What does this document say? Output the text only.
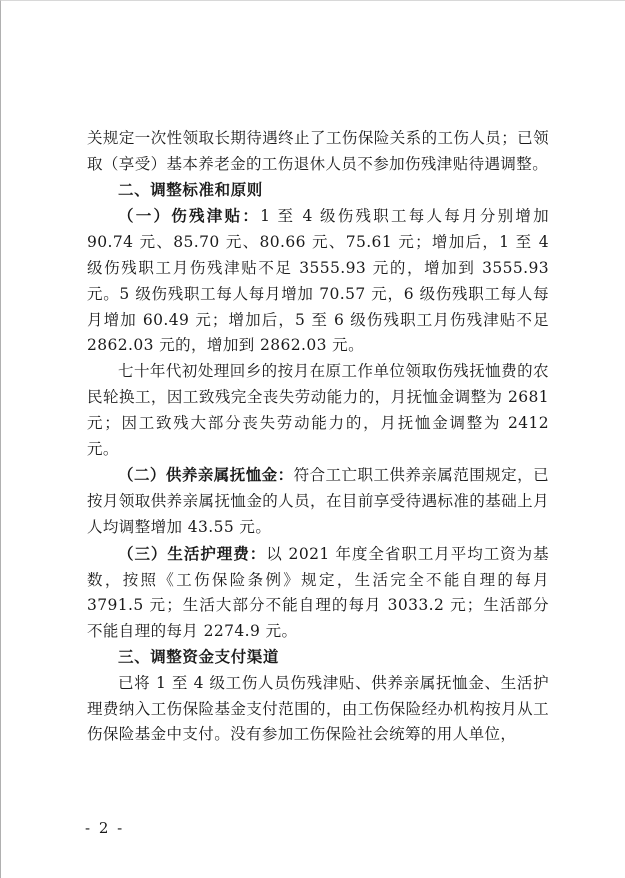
关规定一次性领取长期待遇终止了工伤保险关系的工伤人员；已领取（享受）基本养老金的工伤退休人员不参加伤残津贴待遇调整。

二、调整标准和原则

（一）伤残津贴：1 至 4 级伤残职工每人每月分别增加 90.74 元、85.70 元、80.66 元、75.61 元；增加后，1 至 4 级伤残职工月伤残津贴不足 3555.93 元的，增加到 3555.93 元。5 级伤残职工每人每月增加 70.57 元，6 级伤残职工每人每月增加 60.49 元；增加后，5 至 6 级伤残职工月伤残津贴不足 2862.03 元的，增加到 2862.03 元。

七十年代初处理回乡的按月在原工作单位领取伤残抚恤费的农民轮换工，因工致残完全丧失劳动能力的，月抚恤金调整为 2681 元；因工致残大部分丧失劳动能力的，月抚恤金调整为 2412 元。

（二）供养亲属抚恤金：符合工亡职工供养亲属范围规定，已按月领取供养亲属抚恤金的人员，在目前享受待遇标准的基础上月人均调整增加 43.55 元。

（三）生活护理费：以 2021 年度全省职工月平均工资为基数，按照《工伤保险条例》规定，生活完全不能自理的每月 3791.5 元；生活大部分不能自理的每月 3033.2 元；生活部分不能自理的每月 2274.9 元。

三、调整资金支付渠道

已将 1 至 4 级工伤人员伤残津贴、供养亲属抚恤金、生活护理费纳入工伤保险基金支付范围的，由工伤保险经办机构按月从工伤保险基金中支付。没有参加工伤保险社会统筹的用人单位，

- 2 -
